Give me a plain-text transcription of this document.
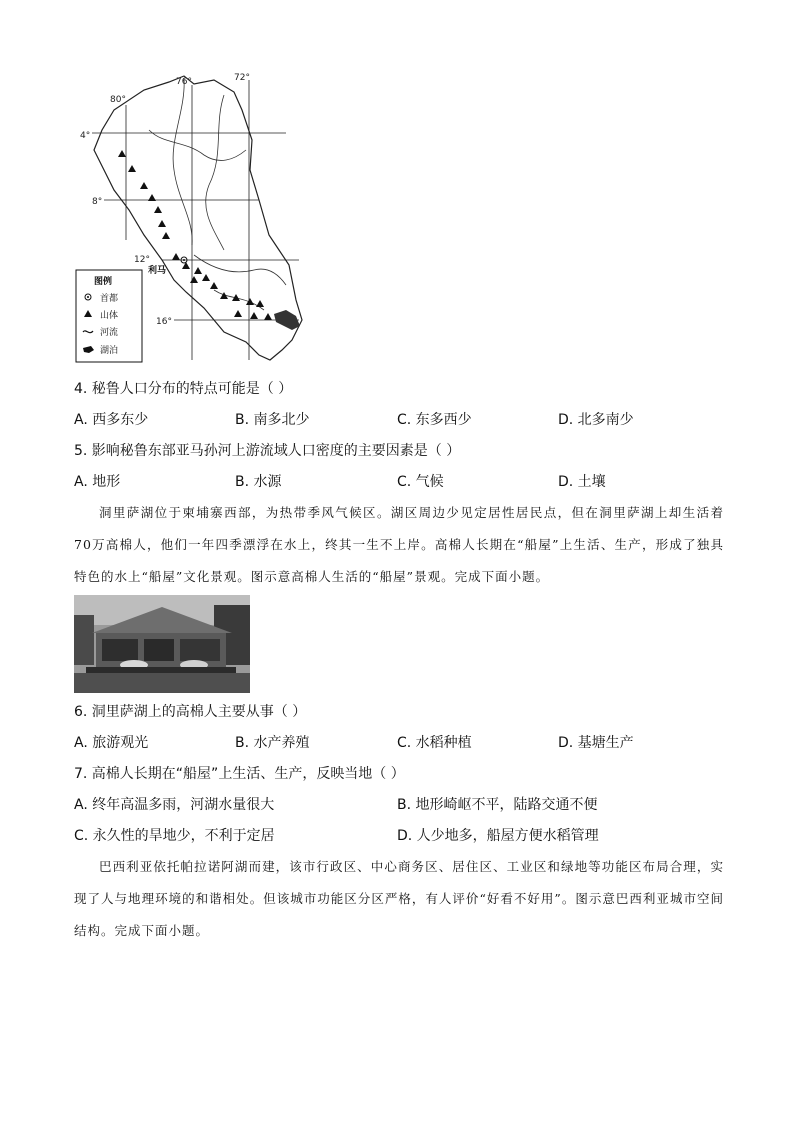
80°
76°	72°
4°
8°
12°
16°
利马
图例
首都
山体
河流
湖泊
4. 秘鲁人口分布的特点可能是（ ）
A. 西多东少	B. 南多北少	C. 东多西少	D. 北多南少
5. 影响秘鲁东部亚马孙河上游流域人口密度的主要因素是（ ）
A. 地形	B. 水源	C. 气候	D. 土壤
洞里萨湖位于柬埔寨西部，为热带季风气候区。湖区周边少见定居性居民点，但在洞里萨湖上却生活着70万高棉人，他们一年四季漂浮在水上，终其一生不上岸。高棉人长期在“船屋”上生活、生产，形成了独具特色的水上“船屋”文化景观。图示意高棉人生活的“船屋”景观。完成下面小题。
6. 洞里萨湖上的高棉人主要从事（ ）
A. 旅游观光	B. 水产养殖	C. 水稻种植	D. 基塘生产
7. 高棉人长期在“船屋”上生活、生产，反映当地（ ）
A. 终年高温多雨，河湖水量很大	B. 地形崎岖不平，陆路交通不便
C. 永久性的旱地少，不利于定居	D. 人少地多，船屋方便水稻管理
巴西利亚依托帕拉诺阿湖而建，该市行政区、中心商务区、居住区、工业区和绿地等功能区布局合理，实现了人与地理环境的和谐相处。但该城市功能区分区严格，有人评价“好看不好用”。图示意巴西利亚城市空间结构。完成下面小题。
